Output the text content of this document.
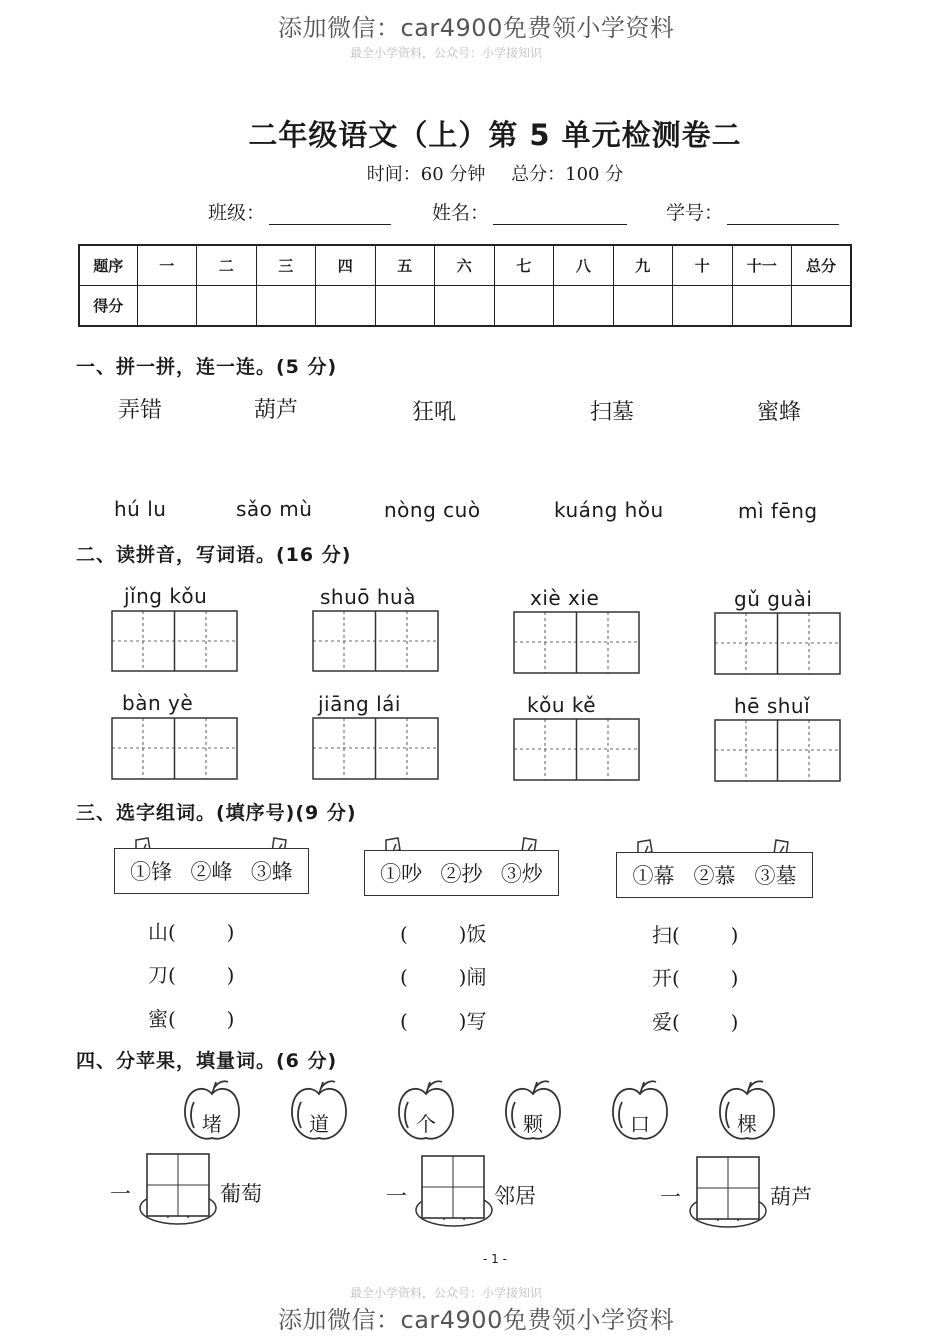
添加微信：car4900免费领小学资料
最全小学资料，公众号：小学接知识
二年级语文（上）第 5 单元检测卷二
时间：60 分钟 总分：100 分
班级：	姓名：	学号：
题序	一	二	三	四	五	六	七	八	九	十	十一	总分
得分												
一、拼一拼，连一连。(5 分)
弄错	葫芦	狂吼	扫墓	蜜蜂
hú lu	sǎo mù	nòng cuò	kuáng hǒu	mì fēng
二、读拼音，写词语。(16 分)
jǐng kǒu	shuō huà	xiè xie	gǔ guài
bàn yè	jiāng lái	kǒu kě	hē shuǐ
三、选字组词。(填序号)(9 分)
①锋 ②峰 ③蜂	①吵 ②抄 ③炒	①幕 ②慕 ③墓
山(        )
刀(        )
蜜(        )
(        )饭
(        )闹
(        )写
扫(        )
开(        )
爱(        )
四、分苹果，填量词。(6 分)
堵	道	个	颗	口	棵
一	葡萄	一	邻居	一	葫芦
- 1 -
最全小学资料，公众号：小学接知识
添加微信：car4900免费领小学资料
